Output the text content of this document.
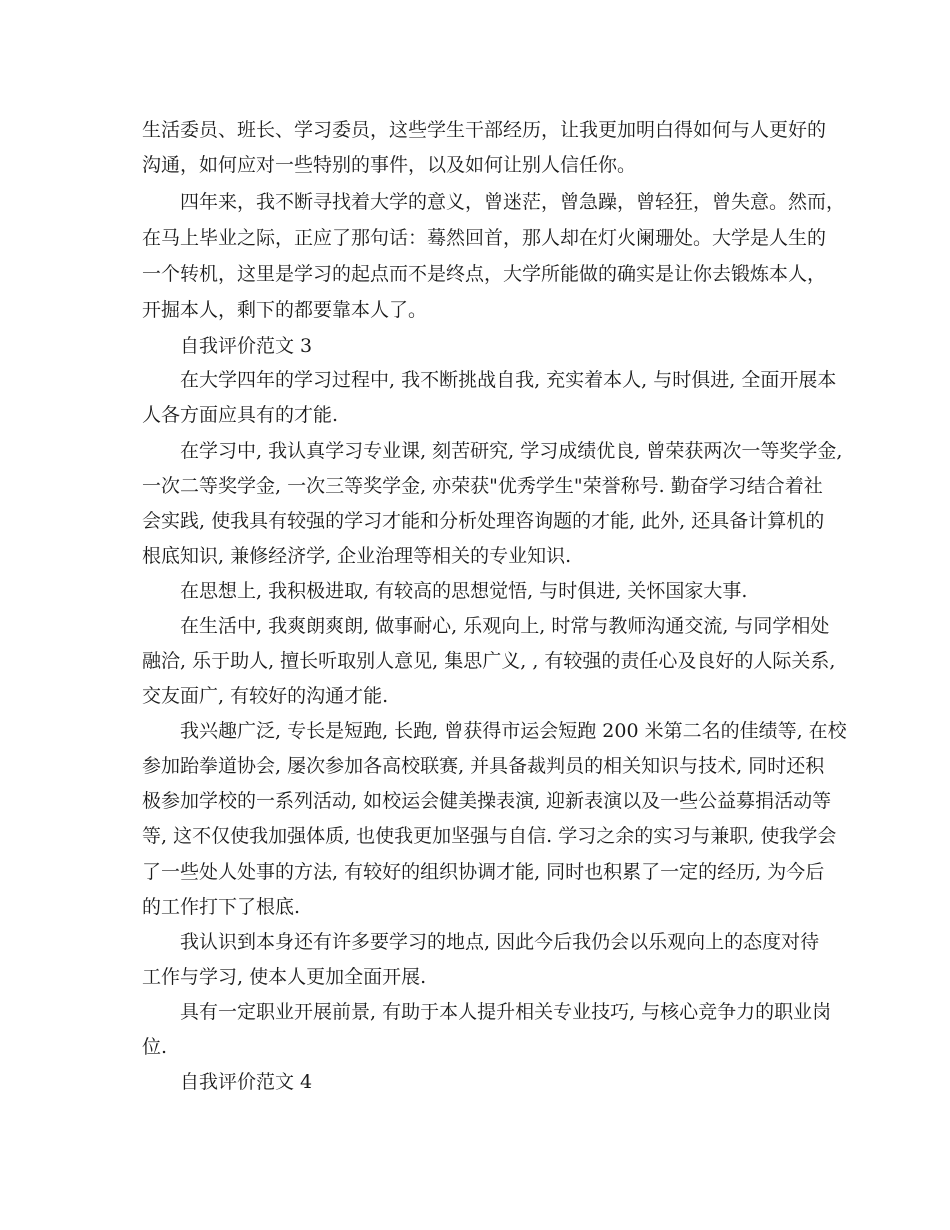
生活委员、班长、学习委员，这些学生干部经历，让我更加明白得如何与人更好的

沟通，如何应对一些特别的事件，以及如何让别人信任你。

四年来，我不断寻找着大学的意义，曾迷茫，曾急躁，曾轻狂，曾失意。然而，

在马上毕业之际，正应了那句话：蓦然回首，那人却在灯火阑珊处。大学是人生的

一个转机，这里是学习的起点而不是终点，大学所能做的确实是让你去锻炼本人，

开掘本人，剩下的都要靠本人了。

自我评价范文 3

在大学四年的学习过程中, 我不断挑战自我, 充实着本人, 与时俱进, 全面开展本

人各方面应具有的才能.

在学习中, 我认真学习专业课, 刻苦研究, 学习成绩优良, 曾荣获两次一等奖学金,

一次二等奖学金, 一次三等奖学金, 亦荣获"优秀学生"荣誉称号. 勤奋学习结合着社

会实践, 使我具有较强的学习才能和分析处理咨询题的才能, 此外, 还具备计算机的

根底知识, 兼修经济学, 企业治理等相关的专业知识.

在思想上, 我积极进取, 有较高的思想觉悟, 与时俱进, 关怀国家大事.

在生活中, 我爽朗爽朗, 做事耐心, 乐观向上, 时常与教师沟通交流, 与同学相处

融洽, 乐于助人, 擅长听取别人意见, 集思广义, , 有较强的责任心及良好的人际关系,

交友面广, 有较好的沟通才能.

我兴趣广泛, 专长是短跑, 长跑, 曾获得市运会短跑 200 米第二名的佳绩等, 在校

参加跆拳道协会, 屡次参加各高校联赛, 并具备裁判员的相关知识与技术, 同时还积

极参加学校的一系列活动, 如校运会健美操表演, 迎新表演以及一些公益募捐活动等

等, 这不仅使我加强体质, 也使我更加坚强与自信. 学习之余的实习与兼职, 使我学会

了一些处人处事的方法, 有较好的组织协调才能, 同时也积累了一定的经历, 为今后

的工作打下了根底.

我认识到本身还有许多要学习的地点, 因此今后我仍会以乐观向上的态度对待

工作与学习, 使本人更加全面开展.

具有一定职业开展前景, 有助于本人提升相关专业技巧, 与核心竞争力的职业岗

位.

自我评价范文 4
